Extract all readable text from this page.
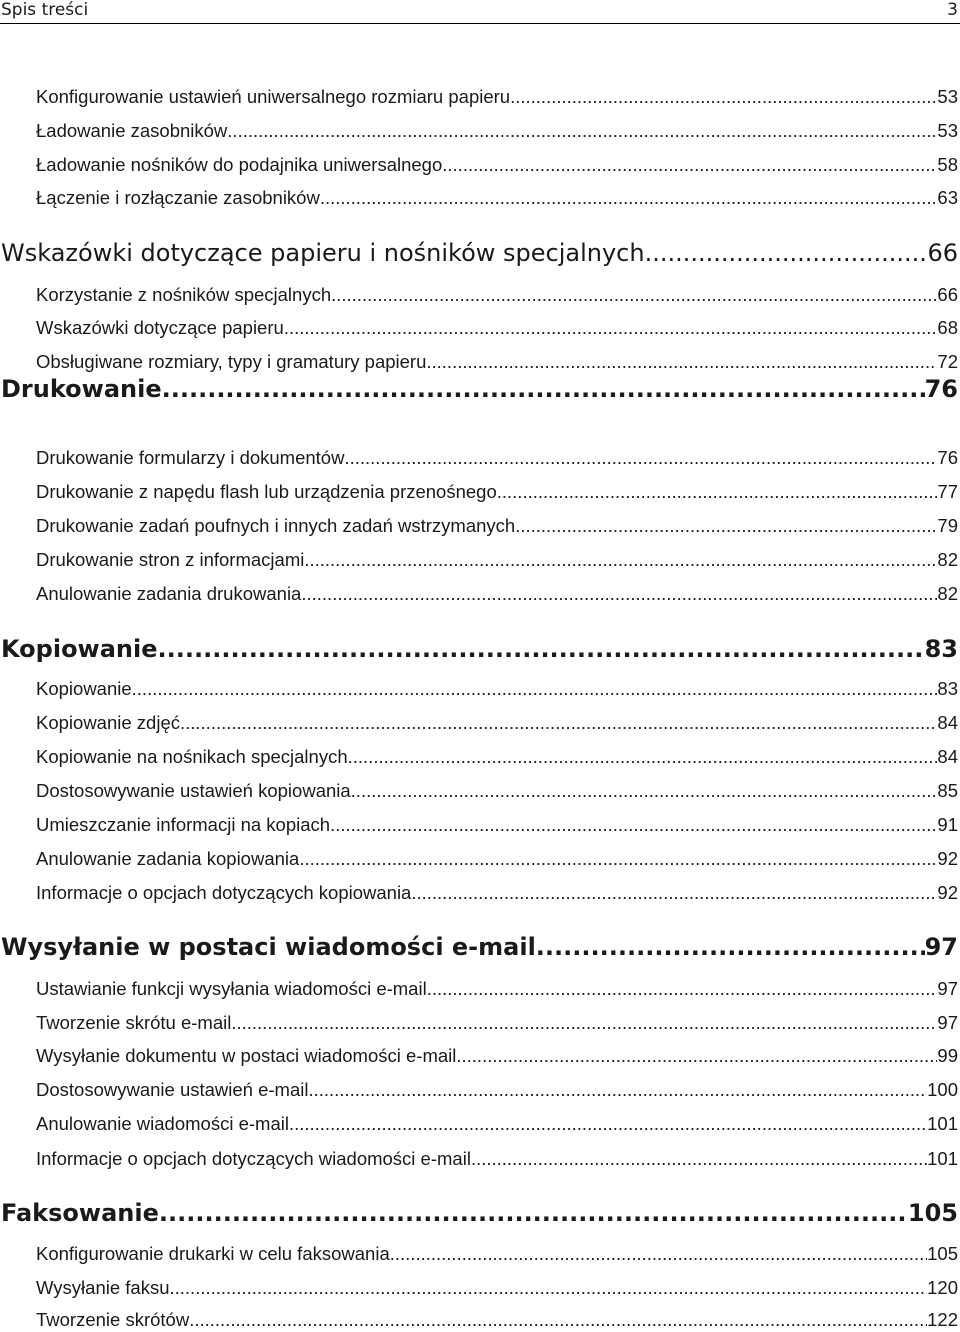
Spis treści	3
Konfigurowanie ustawień uniwersalnego rozmiaru papieru .....	53
Ładowanie zasobników .....	53
Ładowanie nośników do podajnika uniwersalnego .....	58
Łączenie i rozłączanie zasobników .....	63
Wskazówki dotyczące papieru i nośników specjalnych .....	66
Korzystanie z nośników specjalnych .....	66
Wskazówki dotyczące papieru .....	68
Obsługiwane rozmiary, typy i gramatury papieru .....	72
Drukowanie .....	76
Drukowanie formularzy i dokumentów .....	76
Drukowanie z napędu flash lub urządzenia przenośnego .....	77
Drukowanie zadań poufnych i innych zadań wstrzymanych .....	79
Drukowanie stron z informacjami .....	82
Anulowanie zadania drukowania .....	82
Kopiowanie .....	83
Kopiowanie .....	83
Kopiowanie zdjęć .....	84
Kopiowanie na nośnikach specjalnych .....	84
Dostosowywanie ustawień kopiowania .....	85
Umieszczanie informacji na kopiach .....	91
Anulowanie zadania kopiowania .....	92
Informacje o opcjach dotyczących kopiowania .....	92
Wysyłanie w postaci wiadomości e-mail .....	97
Ustawianie funkcji wysyłania wiadomości e-mail .....	97
Tworzenie skrótu e-mail .....	97
Wysyłanie dokumentu w postaci wiadomości e-mail .....	99
Dostosowywanie ustawień e-mail .....	100
Anulowanie wiadomości e-mail .....	101
Informacje o opcjach dotyczących wiadomości e-mail .....	101
Faksowanie .....	105
Konfigurowanie drukarki w celu faksowania .....	105
Wysyłanie faksu .....	120
Tworzenie skrótów .....	122
